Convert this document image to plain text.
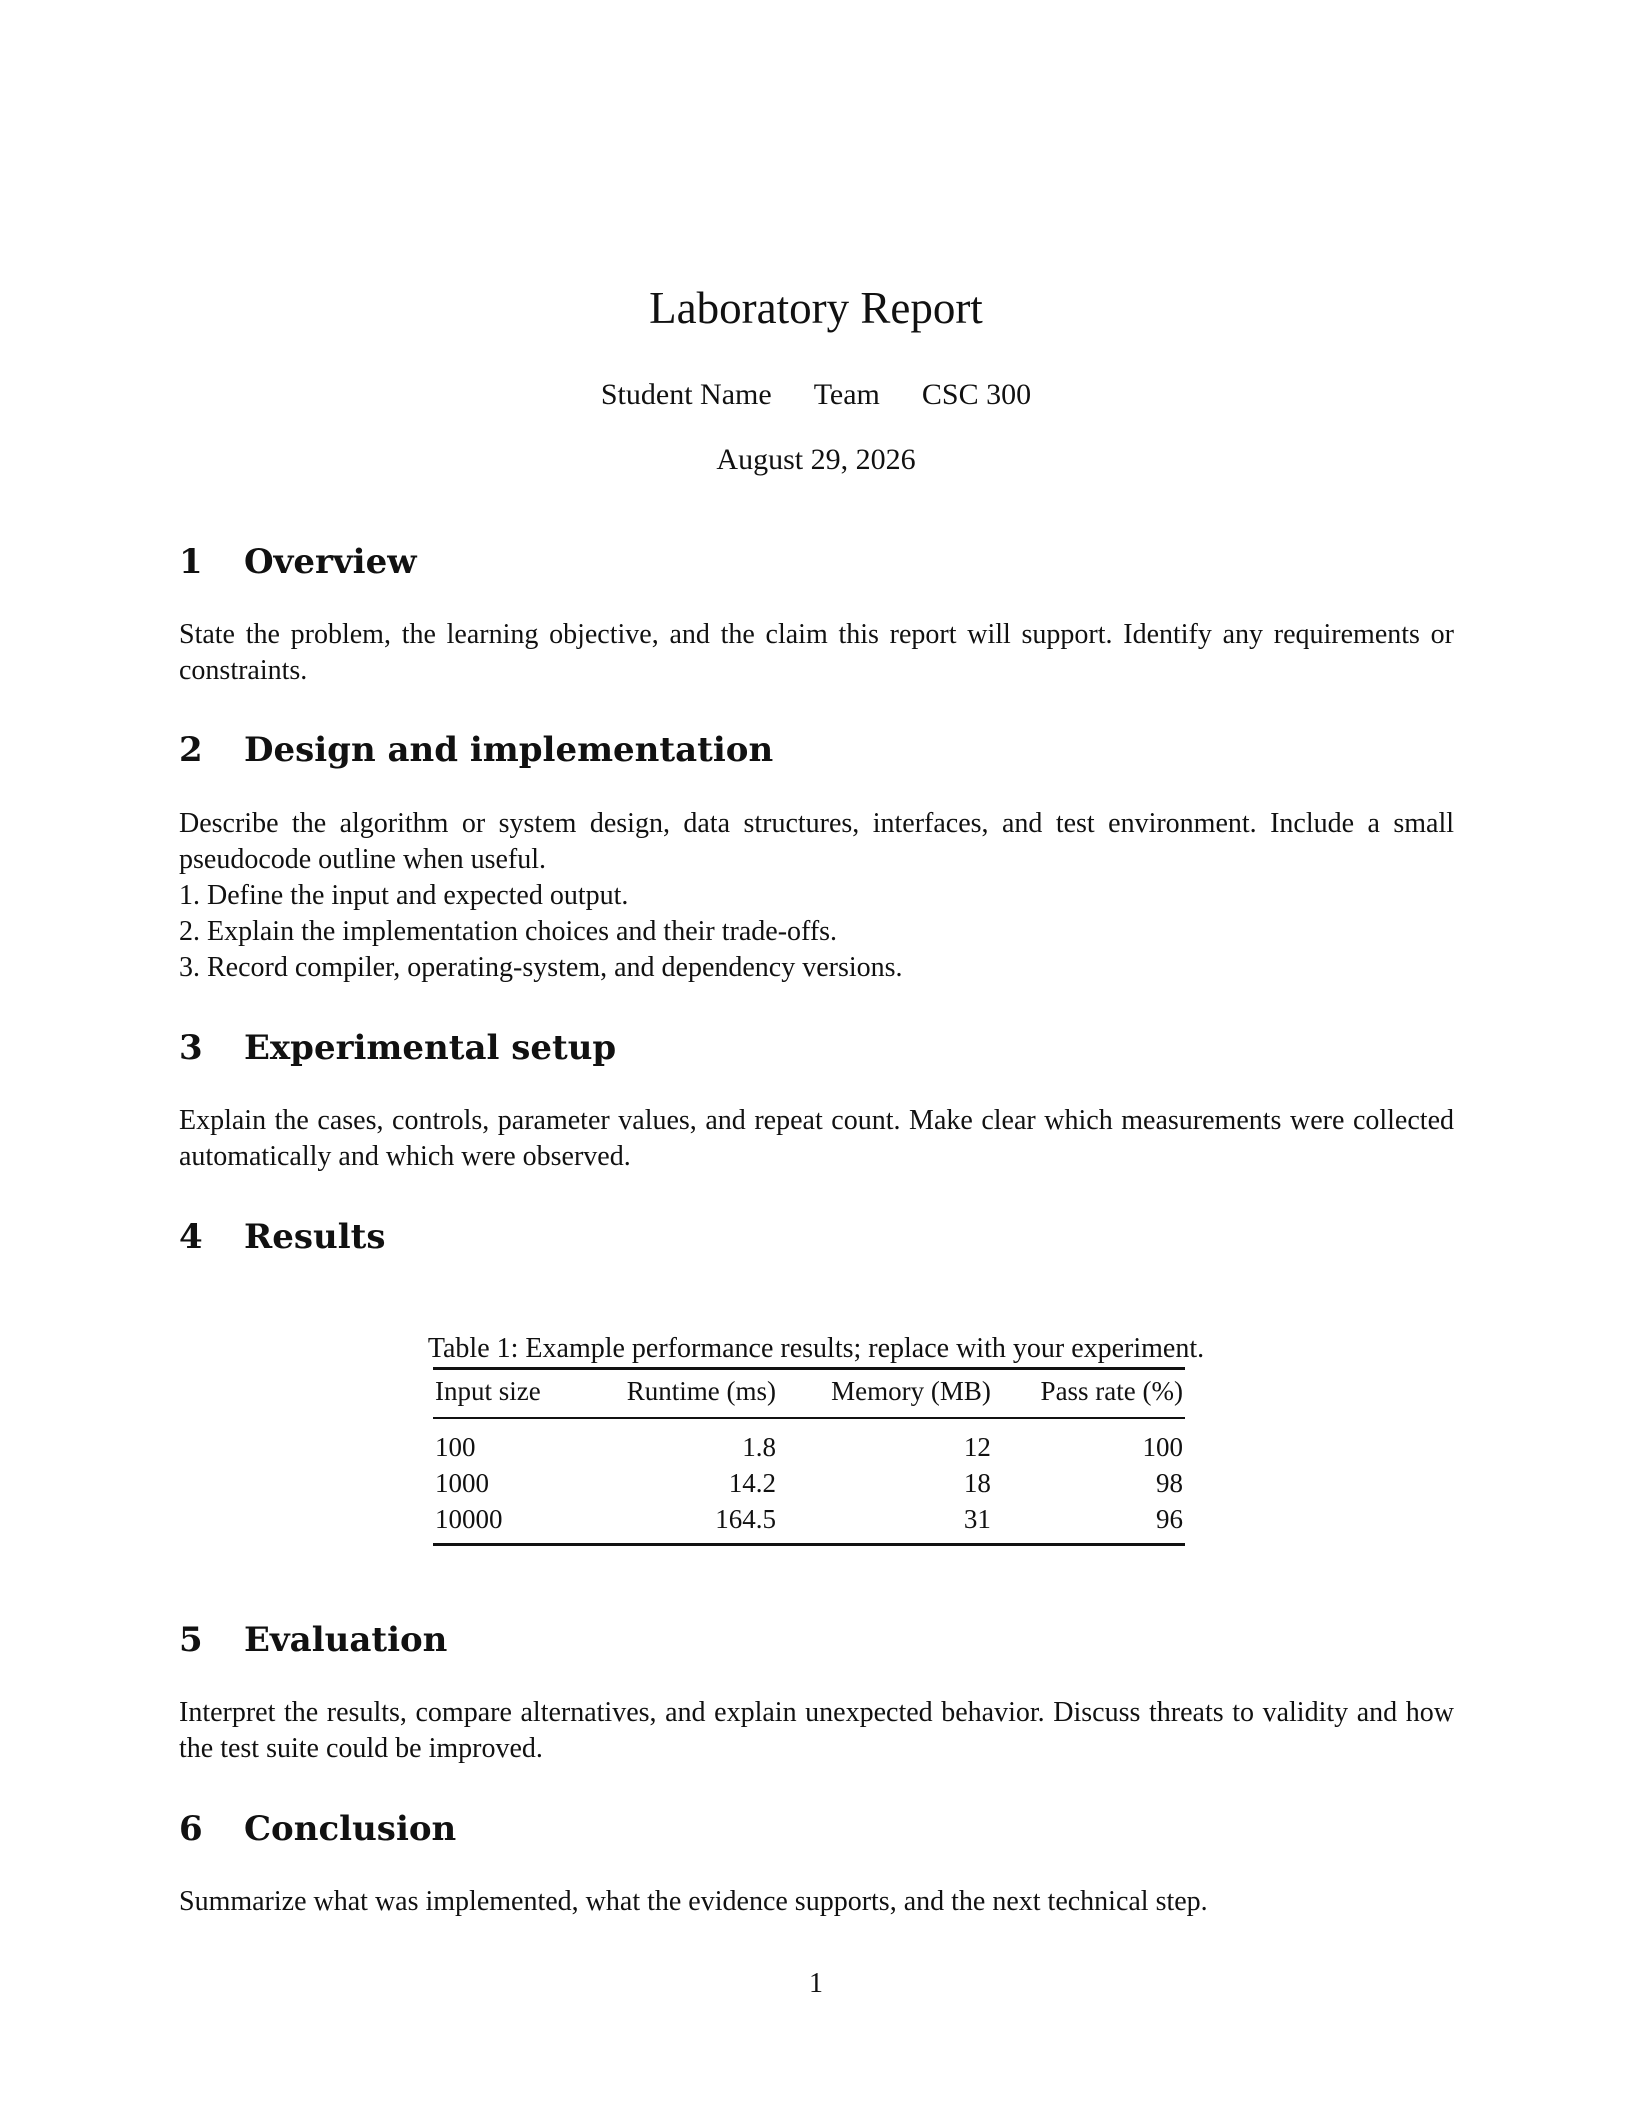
Laboratory Report
Student Name Team CSC 300
August 29, 2026
1	Overview

State the problem, the learning objective, and the claim this report will support. Identify any requirements or constraints.

2	Design and implementation

Describe the algorithm or system design, data structures, interfaces, and test environment. Include a small pseudocode outline when useful.

1. Define the input and expected output.
2. Explain the implementation choices and their trade-offs.
3. Record compiler, operating-system, and dependency versions.
3	Experimental setup

Explain the cases, controls, parameter values, and repeat count. Make clear which measurements were collected automatically and which were observed.

4	Results
Table 1: Example performance results; replace with your experiment.
Input size	Runtime (ms)	Memory (MB)	Pass rate (%)
100	1.8	12	100
1000	14.2	18	98
10000	164.5	31	96
5	Evaluation

Interpret the results, compare alternatives, and explain unexpected behavior. Discuss threats to validity and how the test suite could be improved.

6	Conclusion

Summarize what was implemented, what the evidence supports, and the next technical step.

1
